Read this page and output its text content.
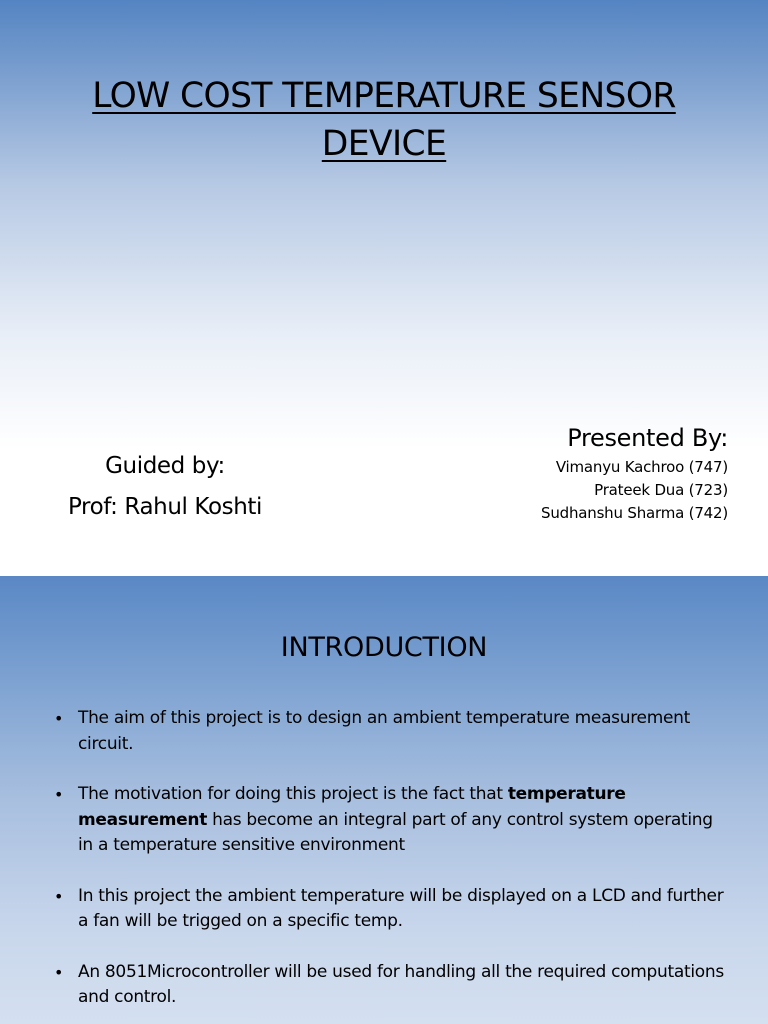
LOW COST TEMPERATURE SENSOR DEVICE
Guided by:
Prof: Rahul Koshti
Presented By:
Vimanyu Kachroo (747)
Prateek Dua (723)
Sudhanshu Sharma (742)
INTRODUCTION
• The aim of this project is to design an ambient temperature measurement circuit.
• The motivation for doing this project is the fact that temperature measurement has become an integral part of any control system operating in a temperature sensitive environment
• In this project the ambient temperature will be displayed on a LCD and further a fan will be trigged on a specific temp.
• An 8051Microcontroller will be used for handling all the required computations and control.
